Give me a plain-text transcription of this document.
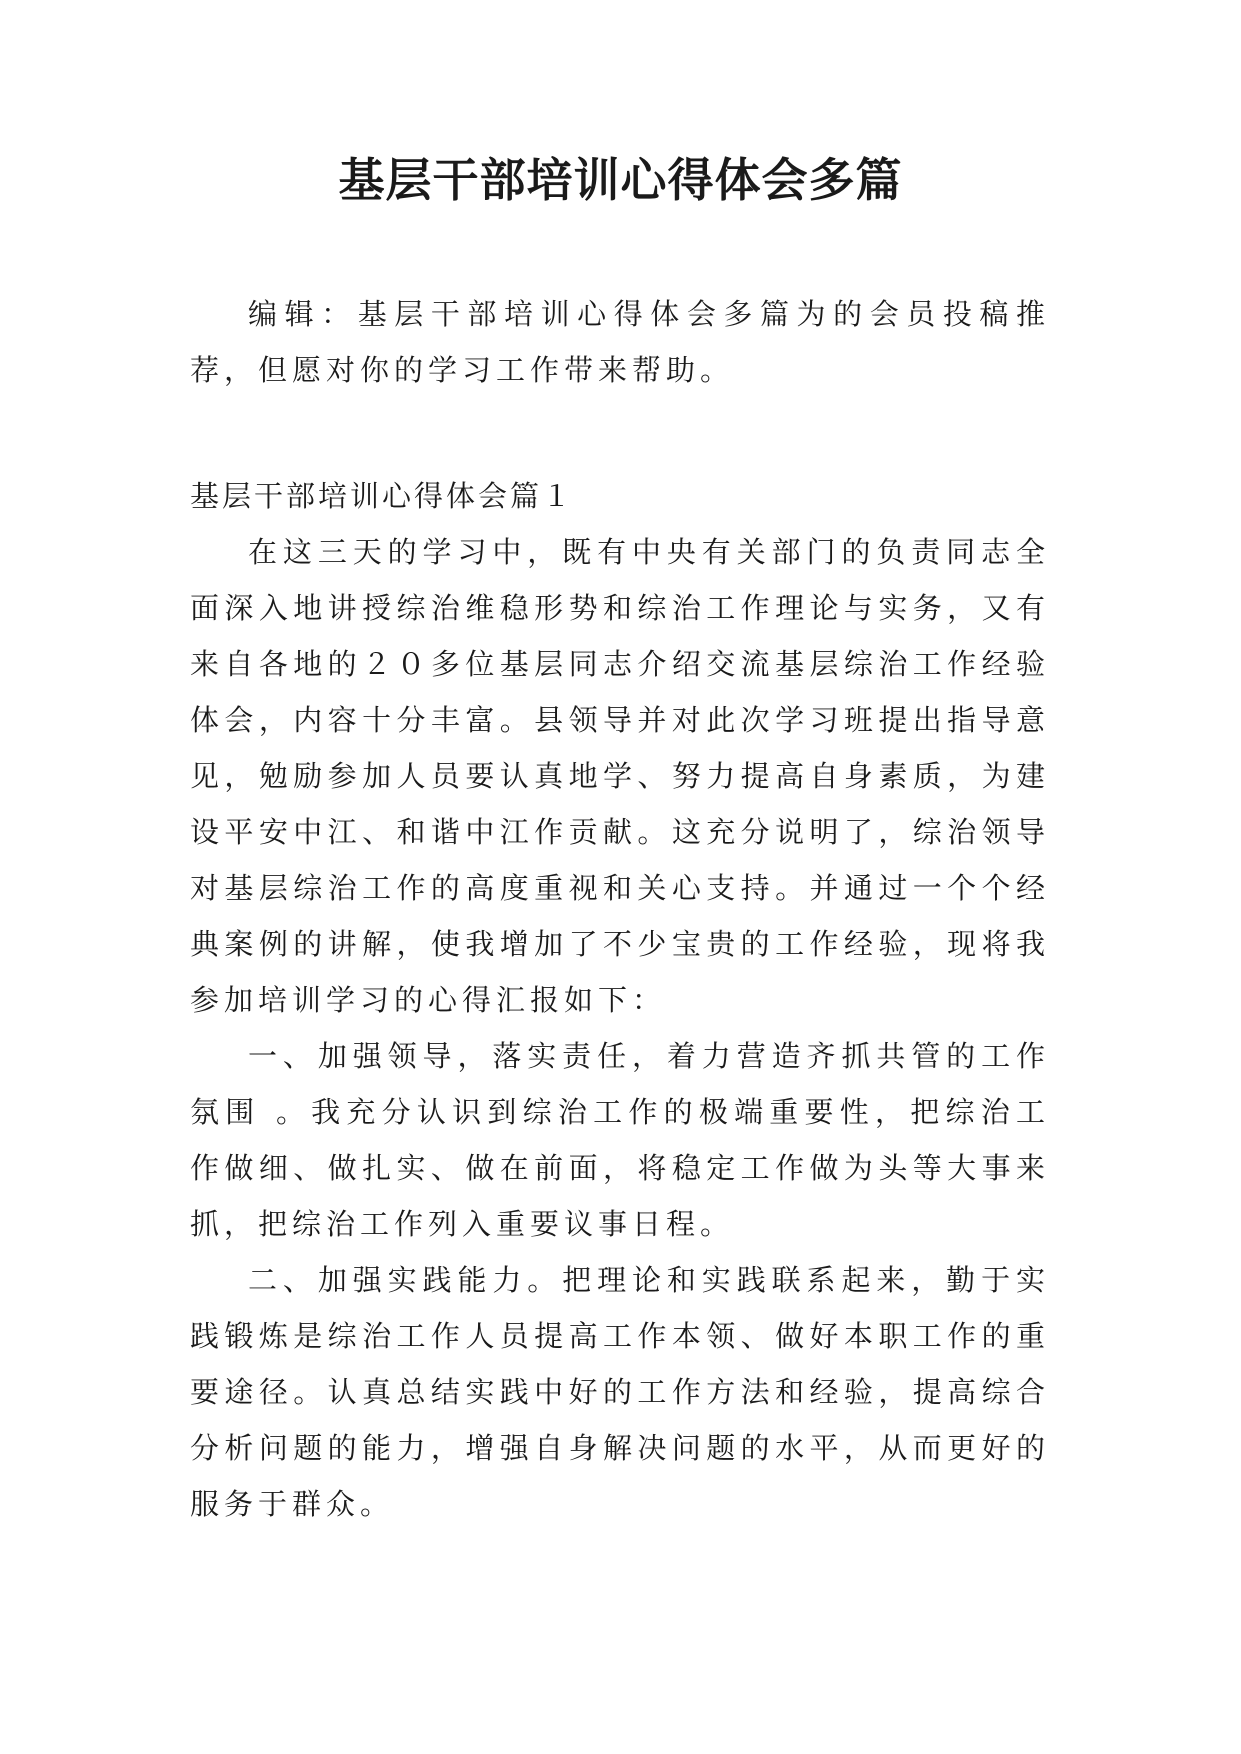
基层干部培训心得体会多篇

编辑：基层干部培训心得体会多篇为的会员投稿推荐，但愿对你的学习工作带来帮助。

基层干部培训心得体会篇１

在这三天的学习中，既有中央有关部门的负责同志全面深入地讲授综治维稳形势和综治工作理论与实务，又有来自各地的２０多位基层同志介绍交流基层综治工作经验体会，内容十分丰富。县领导并对此次学习班提出指导意见，勉励参加人员要认真地学、努力提高自身素质，为建设平安中江、和谐中江作贡献。这充分说明了，综治领导对基层综治工作的高度重视和关心支持。并通过一个个经典案例的讲解，使我增加了不少宝贵的工作经验，现将我参加培训学习的心得汇报如下：

一、加强领导，落实责任，着力营造齐抓共管的工作氛围 。我充分认识到综治工作的极端重要性，把综治工作做细、做扎实、做在前面，将稳定工作做为头等大事来抓，把综治工作列入重要议事日程。

二、加强实践能力。把理论和实践联系起来，勤于实践锻炼是综治工作人员提高工作本领、做好本职工作的重要途径。认真总结实践中好的工作方法和经验，提高综合分析问题的能力，增强自身解决问题的水平，从而更好的服务于群众。
